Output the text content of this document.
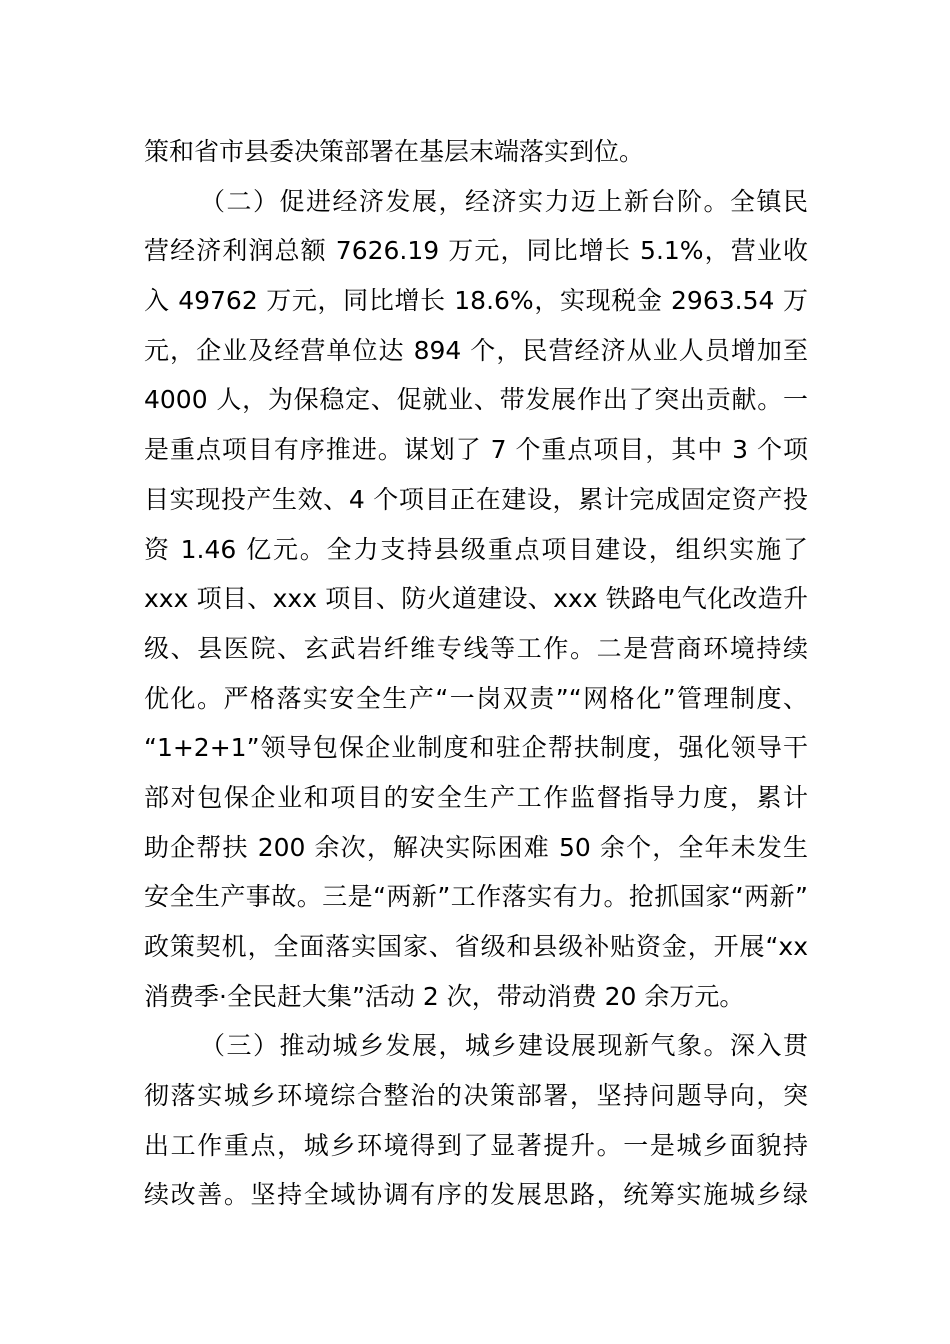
策和省市县委决策部署在基层末端落实到位。
（二）促进经济发展，经济实力迈上新台阶。全镇民
营经济利润总额 7626.19 万元，同比增长 5.1%，营业收
入 49762 万元，同比增长 18.6%，实现税金 2963.54 万
元，企业及经营单位达 894 个，民营经济从业人员增加至
4000 人，为保稳定、促就业、带发展作出了突出贡献。一
是重点项目有序推进。谋划了 7 个重点项目，其中 3 个项
目实现投产生效、4 个项目正在建设，累计完成固定资产投
资 1.46 亿元。全力支持县级重点项目建设，组织实施了
xxx 项目、xxx 项目、防火道建设、xxx 铁路电气化改造升
级、县医院、玄武岩纤维专线等工作。二是营商环境持续
优化。严格落实安全生产“一岗双责”“网格化”管理制度、
“1+2+1”领导包保企业制度和驻企帮扶制度，强化领导干
部对包保企业和项目的安全生产工作监督指导力度，累计
助企帮扶 200 余次，解决实际困难 50 余个，全年未发生
安全生产事故。三是“两新”工作落实有力。抢抓国家“两新”
政策契机，全面落实国家、省级和县级补贴资金，开展“xx
消费季·全民赶大集”活动 2 次，带动消费 20 余万元。
（三）推动城乡发展，城乡建设展现新气象。深入贯
彻落实城乡环境综合整治的决策部署，坚持问题导向，突
出工作重点，城乡环境得到了显著提升。一是城乡面貌持
续改善。坚持全域协调有序的发展思路，统筹实施城乡绿
